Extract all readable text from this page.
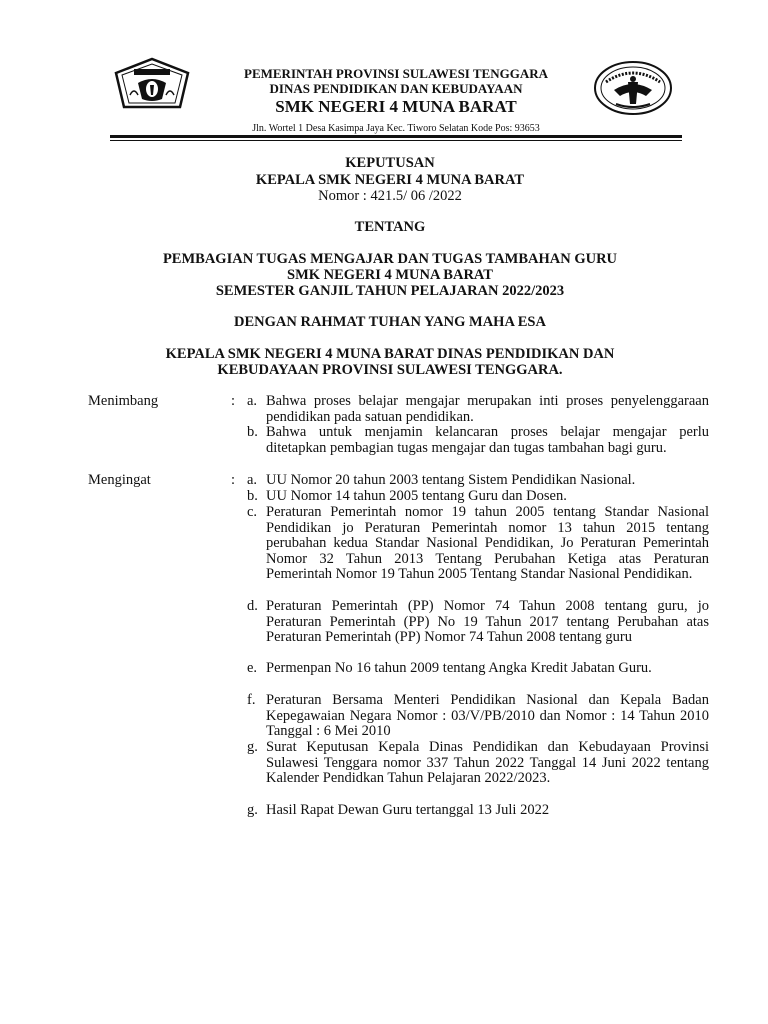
PEMERINTAH PROVINSI SULAWESI TENGGARA
DINAS PENDIDIKAN DAN KEBUDAYAAN
SMK NEGERI 4 MUNA BARAT
Jln. Wortel 1 Desa Kasimpa Jaya Kec. Tiworo Selatan Kode Pos: 93653
KEPUTUSAN
KEPALA SMK NEGERI 4 MUNA BARAT
Nomor : 421.5/ 06 /2022
TENTANG
PEMBAGIAN TUGAS MENGAJAR DAN TUGAS TAMBAHAN GURU
SMK NEGERI 4 MUNA BARAT
SEMESTER GANJIL TAHUN PELAJARAN 2022/2023
DENGAN RAHMAT TUHAN YANG MAHA ESA
KEPALA SMK NEGERI 4 MUNA BARAT DINAS PENDIDIKAN DAN
KEBUDAYAAN PROVINSI SULAWESI TENGGARA.
Menimbang	: a. Bahwa proses belajar mengajar merupakan inti proses penyelenggaraan pendidikan pada satuan pendidikan.
b. Bahwa untuk menjamin kelancaran proses belajar mengajar perlu ditetapkan pembagian tugas mengajar dan tugas tambahan bagi guru.
Mengingat	: a. UU Nomor 20 tahun 2003 tentang Sistem Pendidikan Nasional.
b. UU Nomor 14 tahun 2005 tentang Guru dan Dosen.
c. Peraturan Pemerintah nomor 19 tahun 2005 tentang Standar Nasional Pendidikan jo Peraturan Pemerintah nomor 13 tahun 2015 tentang perubahan kedua Standar Nasional Pendidikan, Jo Peraturan Pemerintah Nomor 32 Tahun 2013 Tentang Perubahan Ketiga atas Peraturan Pemerintah Nomor 19 Tahun 2005 Tentang Standar Nasional Pendidikan.
d. Peraturan Pemerintah (PP) Nomor 74 Tahun 2008 tentang guru, jo Peraturan Pemerintah (PP) No 19 Tahun 2017 tentang Perubahan atas Peraturan Pemerintah (PP) Nomor 74 Tahun 2008 tentang guru
e. Permenpan No 16 tahun 2009 tentang Angka Kredit Jabatan Guru.
f. Peraturan Bersama Menteri Pendidikan Nasional dan Kepala Badan Kepegawaian Negara Nomor : 03/V/PB/2010 dan Nomor : 14 Tahun 2010 Tanggal : 6 Mei 2010
g. Surat Keputusan Kepala Dinas Pendidikan dan Kebudayaan Provinsi Sulawesi Tenggara nomor 337 Tahun 2022 Tanggal 14 Juni 2022 tentang Kalender Pendidkan Tahun Pelajaran 2022/2023.
g. Hasil Rapat Dewan Guru tertanggal 13 Juli 2022
